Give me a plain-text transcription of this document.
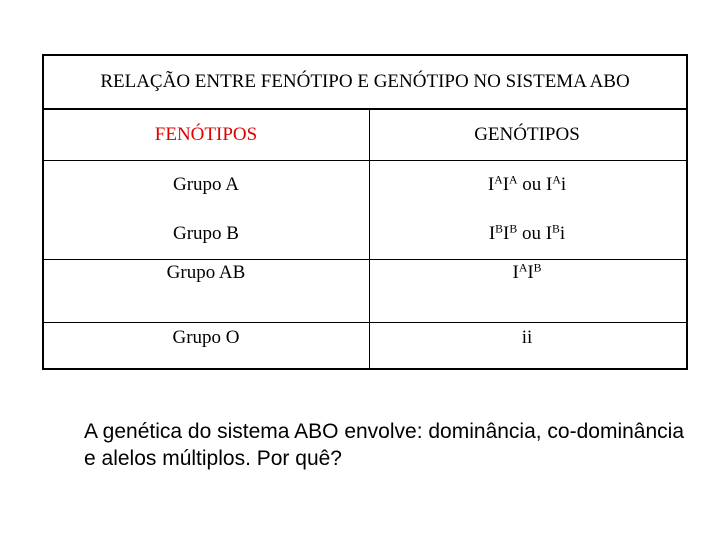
RELAÇÃO ENTRE FENÓTIPO E GENÓTIPO NO SISTEMA ABO
FENÓTIPOS	GENÓTIPOS
Grupo A	$I^AI^A$ ou $I^Ai$
Grupo B	$I^BI^B$ ou $I^Bi$
Grupo AB	$I^AI^B$
Grupo O	ii
A genética do sistema ABO envolve: dominância, co-dominância e alelos múltiplos. Por quê?
